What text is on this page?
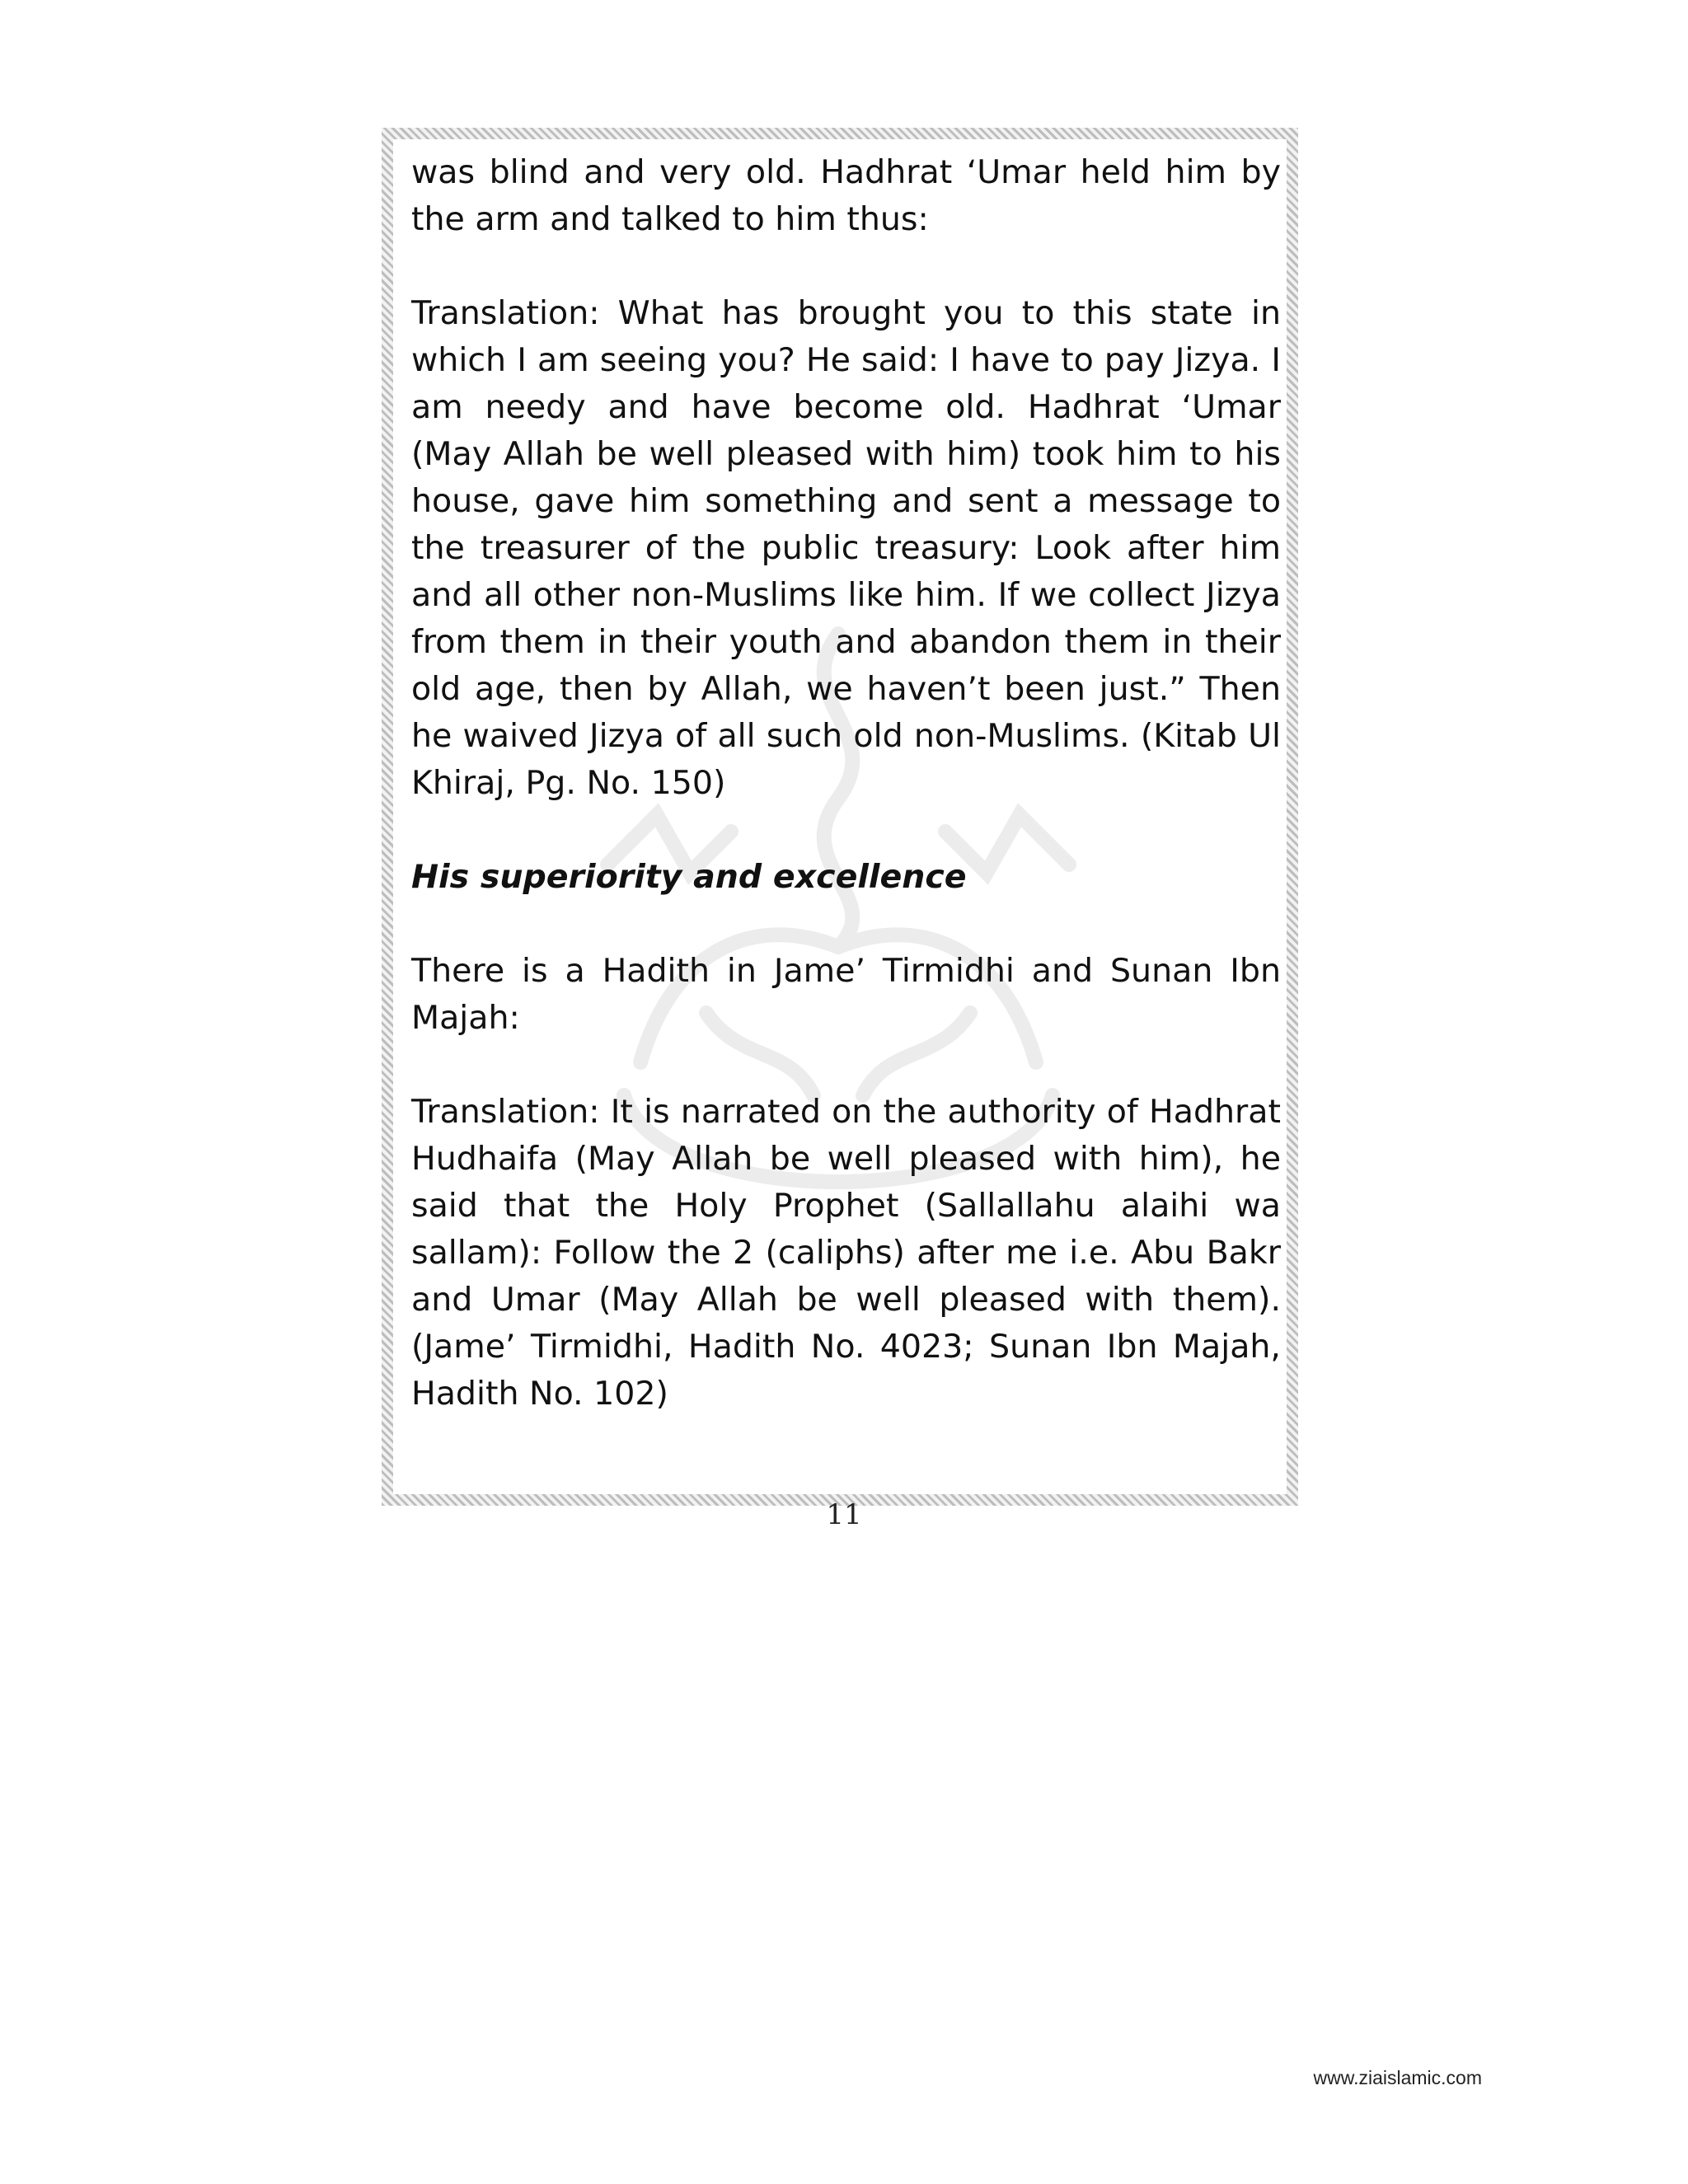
was blind and very old. Hadhrat ‘Umar held him by the arm and talked to him thus:

Translation: What has brought you to this state in which I am seeing you? He said: I have to pay Jizya. I am needy and have become old. Hadhrat ‘Umar (May Allah be well pleased with him) took him to his house, gave him something and sent a message to the treasurer of the public treasury: Look after him and all other non-Muslims like him. If we collect Jizya from them in their youth and abandon them in their old age, then by Allah, we haven’t been just.” Then he waived Jizya of all such old non-Muslims. (Kitab Ul Khiraj, Pg. No. 150)

His superiority and excellence

There is a Hadith in Jame’ Tirmidhi and Sunan Ibn Majah:

Translation: It is narrated on the authority of Hadhrat Hudhaifa (May Allah be well pleased with him), he said that the Holy Prophet (Sallallahu alaihi wa sallam): Follow the 2 (caliphs) after me i.e. Abu Bakr and Umar (May Allah be well pleased with them). (Jame’ Tirmidhi, Hadith No. 4023; Sunan Ibn Majah, Hadith No. 102)

11
www.ziaislamic.com
